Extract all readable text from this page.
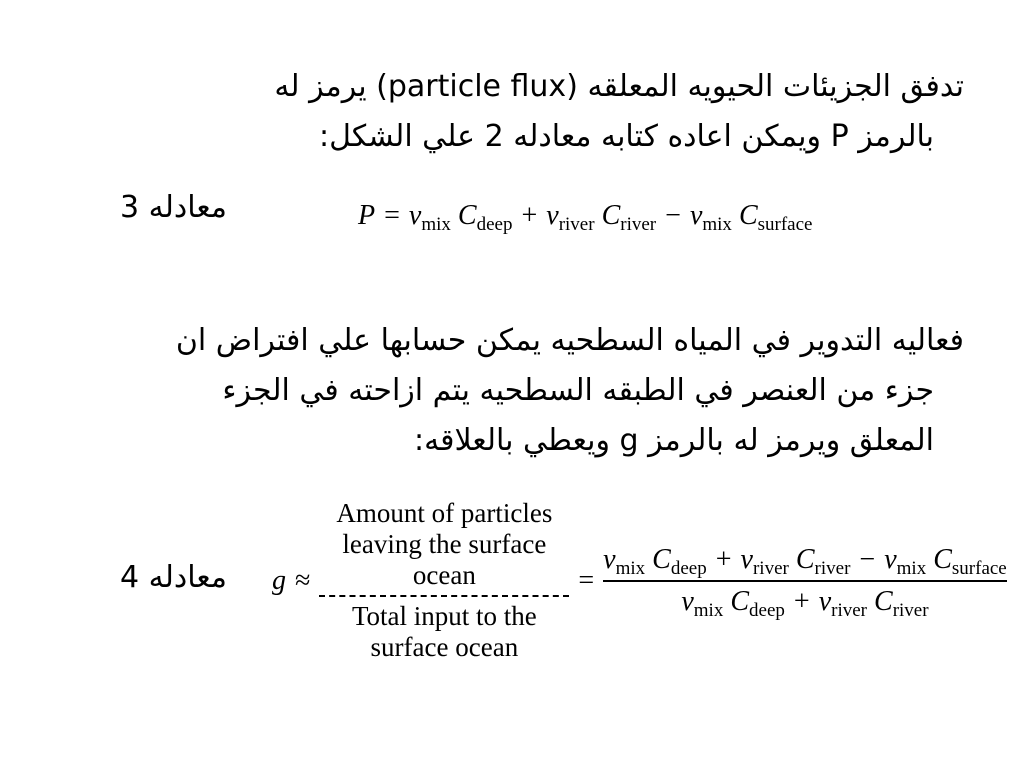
تدفق الجزيئات الحيويه المعلقه (particle flux) يرمز له
بالرمز P ويمكن اعاده كتابه معادله 2 علي الشكل:
معادله 3	$P = v_{mix}$ $C_{deep} + v_{river}$ $C_{river} - v_{mix}$ $C_{surface}$
فعاليه التدوير في المياه السطحيه يمكن حسابها علي افتراض ان
جزء من العنصر في الطبقه السطحيه يتم ازاحته في الجزء
المعلق ويرمز له بالرمز g ويعطي بالعلاقه:
معادله 4 g ≈ Amount of particles
leaving the surface
ocean
Total input to the
surface ocean = $\frac{v_{mix} C_{deep} + v_{river} C_{river} - v_{mix} C_{surface}}{v_{mix} C_{deep} + v_{river} C_{river}}$
